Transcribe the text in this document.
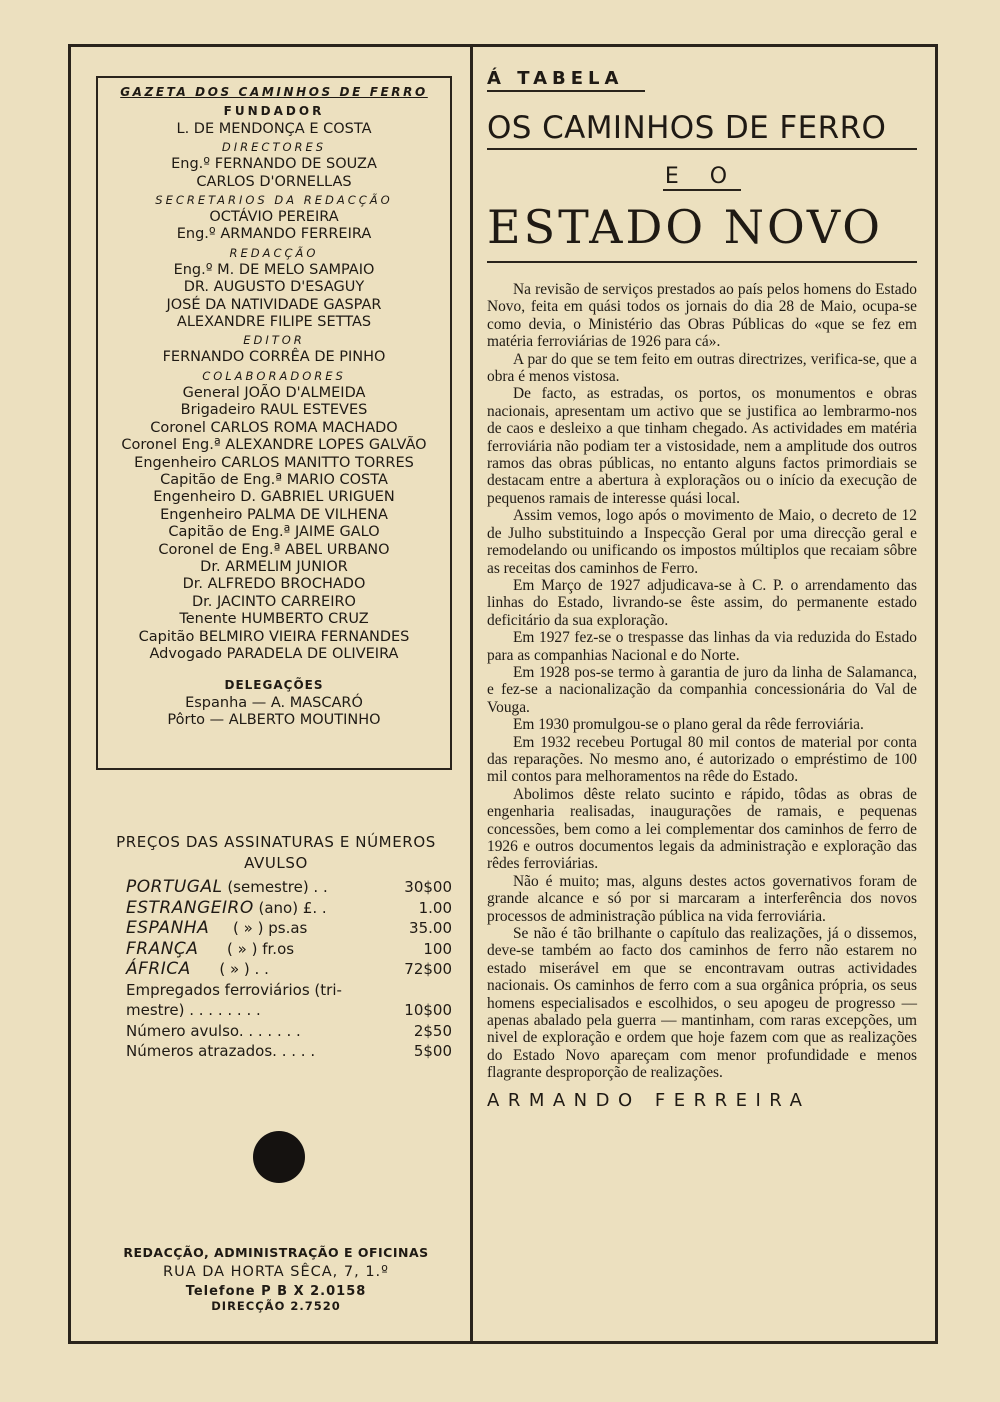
GAZETA DOS CAMINHOS DE FERRO
FUNDADOR
L. DE MENDONÇA E COSTA
DIRECTORES
Eng.º FERNANDO DE SOUZA
CARLOS D'ORNELLAS
SECRETARIOS DA REDACÇÃO
OCTÁVIO PEREIRA
Eng.º ARMANDO FERREIRA
REDACÇÃO
Eng.º M. DE MELO SAMPAIO
DR. AUGUSTO D'ESAGUY
JOSÉ DA NATIVIDADE GASPAR
ALEXANDRE FILIPE SETTAS
EDITOR
FERNANDO CORRÊA DE PINHO
COLABORADORES
General JOÃO D'ALMEIDA
Brigadeiro RAUL ESTEVES
Coronel CARLOS ROMA MACHADO
Coronel Eng.ª ALEXANDRE LOPES GALVÃO
Engenheiro CARLOS MANITTO TORRES
Capitão de Eng.ª MARIO COSTA
Engenheiro D. GABRIEL URIGUEN
Engenheiro PALMA DE VILHENA
Capitão de Eng.ª JAIME GALO
Coronel de Eng.ª ABEL URBANO
Dr. ARMELIM JUNIOR
Dr. ALFREDO BROCHADO
Dr. JACINTO CARREIRO
Tenente HUMBERTO CRUZ
Capitão BELMIRO VIEIRA FERNANDES
Advogado PARADELA DE OLIVEIRA
DELEGAÇÕES
Espanha — A. MASCARÓ
Pôrto — ALBERTO MOUTINHO
PREÇOS DAS ASSINATURAS E NÚMEROS
AVULSO
PORTUGAL (semestre) . .	30$00
ESTRANGEIRO (ano) £. .	1.00
ESPANHA     ( » ) ps.as	35.00
FRANÇA      ( » ) fr.os	100
ÁFRICA      ( » ) . .	72$00
Empregados ferroviários (tri-
mestre) . . . . . . . .	10$00
Número avulso. . . . . . .	2$50
Números atrazados. . . . .	5$00
REDACÇÃO, ADMINISTRAÇÃO E OFICINAS
RUA DA HORTA SÊCA, 7, 1.º
Telefone P B X 2.0158
DIRECÇÃO 2.7520
Á TABELA
OS CAMINHOS DE FERRO
E O
ESTADO NOVO

Na revisão de serviços prestados ao país pelos homens do Estado Novo, feita em quási todos os jornais do dia 28 de Maio, ocupa-se como devia, o Ministério das Obras Públicas do «que se fez em matéria ferroviárias de 1926 para cá».

A par do que se tem feito em outras directrizes, verifica-se, que a obra é menos vistosa.

De facto, as estradas, os portos, os monumentos e obras nacionais, apresentam um activo que se justifica ao lembrarmo-nos de caos e desleixo a que tinham chegado. As actividades em matéria ferroviária não podiam ter a vistosidade, nem a amplitude dos outros ramos das obras públicas, no entanto alguns factos primordiais se destacam entre a abertura à exploraçãos ou o início da execução de pequenos ramais de interesse quási local.

Assim vemos, logo após o movimento de Maio, o decreto de 12 de Julho substituindo a Inspecção Geral por uma direcção geral e remodelando ou unificando os impostos múltiplos que recaiam sôbre as receitas dos caminhos de Ferro.

Em Março de 1927 adjudicava-se à C. P. o arrendamento das linhas do Estado, livrando-se êste assim, do permanente estado deficitário da sua exploração.

Em 1927 fez-se o trespasse das linhas da via reduzida do Estado para as companhias Nacional e do Norte.

Em 1928 pos-se termo à garantia de juro da linha de Salamanca, e fez-se a nacionalização da companhia concessionária do Val de Vouga.

Em 1930 promulgou-se o plano geral da rêde ferroviária.

Em 1932 recebeu Portugal 80 mil contos de material por conta das reparações. No mesmo ano, é autorizado o empréstimo de 100 mil contos para melhoramentos na rêde do Estado.

Abolimos dêste relato sucinto e rápido, tôdas as obras de engenharia realisadas, inaugurações de ramais, e pequenas concessões, bem como a lei complementar dos caminhos de ferro de 1926 e outros documentos legais da administração e exploração das rêdes ferroviárias.

Não é muito; mas, alguns destes actos governativos foram de grande alcance e só por si marcaram a interferência dos novos processos de administração pública na vida ferroviária.

Se não é tão brilhante o capítulo das realizações, já o dissemos, deve-se também ao facto dos caminhos de ferro não estarem no estado miserável em que se encontravam outras actividades nacionais. Os caminhos de ferro com a sua orgânica própria, os seus homens especialisados e escolhidos, o seu apogeu de progresso — apenas abalado pela guerra — mantinham, com raras excepções, um nivel de exploração e ordem que hoje fazem com que as realizações do Estado Novo apareçam com menor profundidade e menos flagrante desproporção de realizações.

ARMANDO FERREIRA
